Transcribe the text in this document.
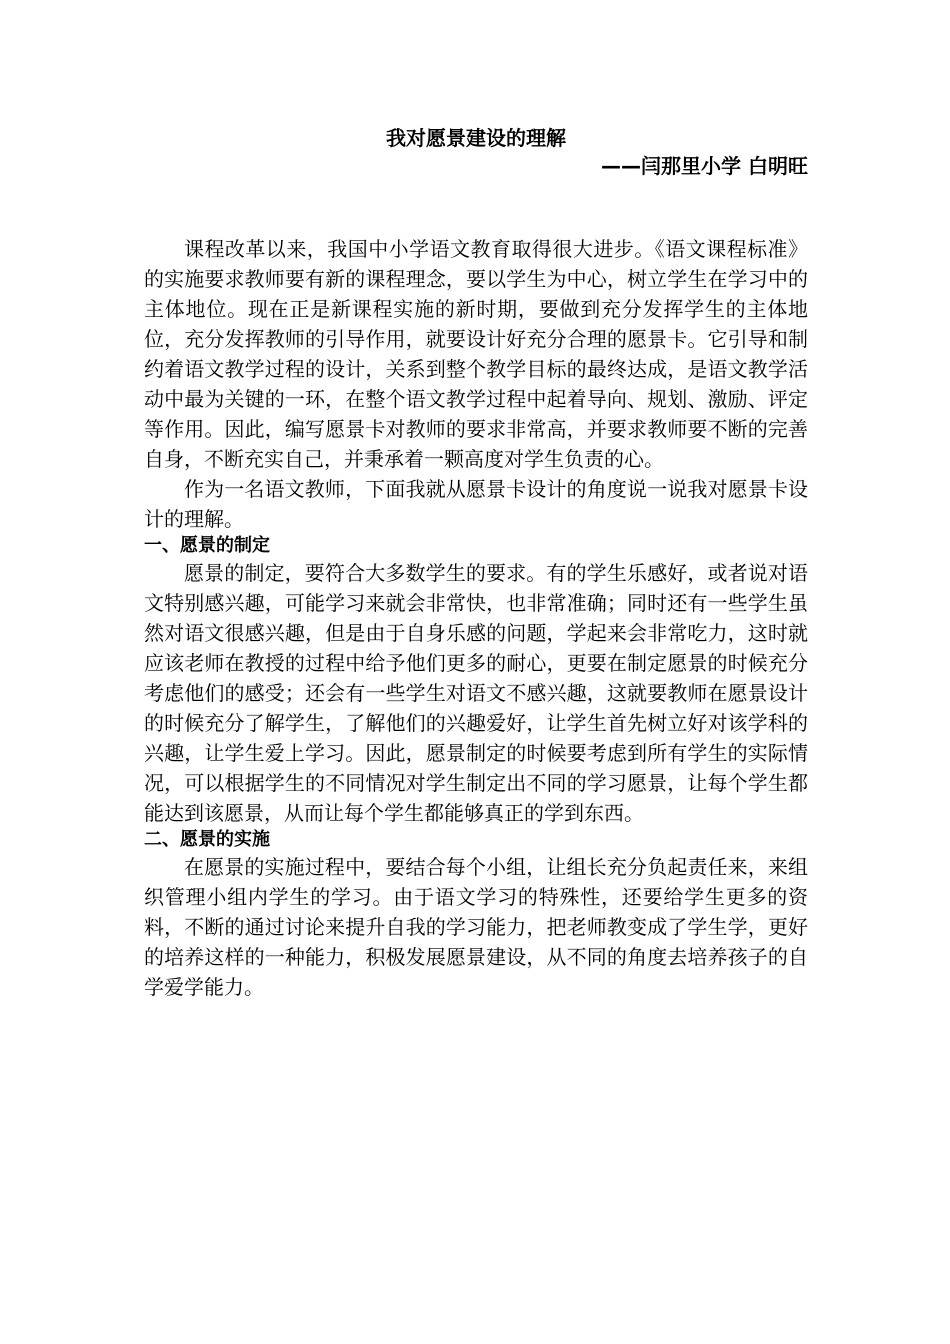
我对愿景建设的理解
——闫那里小学 白明旺

课程改革以来，我国中小学语文教育取得很大进步。《语文课程标准》的实施要求教师要有新的课程理念，要以学生为中心，树立学生在学习中的主体地位。现在正是新课程实施的新时期，要做到充分发挥学生的主体地位，充分发挥教师的引导作用，就要设计好充分合理的愿景卡。它引导和制约着语文教学过程的设计，关系到整个教学目标的最终达成，是语文教学活动中最为关键的一环，在整个语文教学过程中起着导向、规划、激励、评定等作用。因此，编写愿景卡对教师的要求非常高，并要求教师要不断的完善自身，不断充实自己，并秉承着一颗高度对学生负责的心。

作为一名语文教师，下面我就从愿景卡设计的角度说一说我对愿景卡设计的理解。

一、愿景的制定

愿景的制定，要符合大多数学生的要求。有的学生乐感好，或者说对语文特别感兴趣，可能学习来就会非常快，也非常准确；同时还有一些学生虽然对语文很感兴趣，但是由于自身乐感的问题，学起来会非常吃力，这时就应该老师在教授的过程中给予他们更多的耐心，更要在制定愿景的时候充分考虑他们的感受；还会有一些学生对语文不感兴趣，这就要教师在愿景设计的时候充分了解学生，了解他们的兴趣爱好，让学生首先树立好对该学科的兴趣，让学生爱上学习。因此，愿景制定的时候要考虑到所有学生的实际情况，可以根据学生的不同情况对学生制定出不同的学习愿景，让每个学生都能达到该愿景，从而让每个学生都能够真正的学到东西。

二、愿景的实施

在愿景的实施过程中，要结合每个小组，让组长充分负起责任来，来组织管理小组内学生的学习。由于语文学习的特殊性，还要给学生更多的资料，不断的通过讨论来提升自我的学习能力，把老师教变成了学生学，更好的培养这样的一种能力，积极发展愿景建设，从不同的角度去培养孩子的自学爱学能力。
